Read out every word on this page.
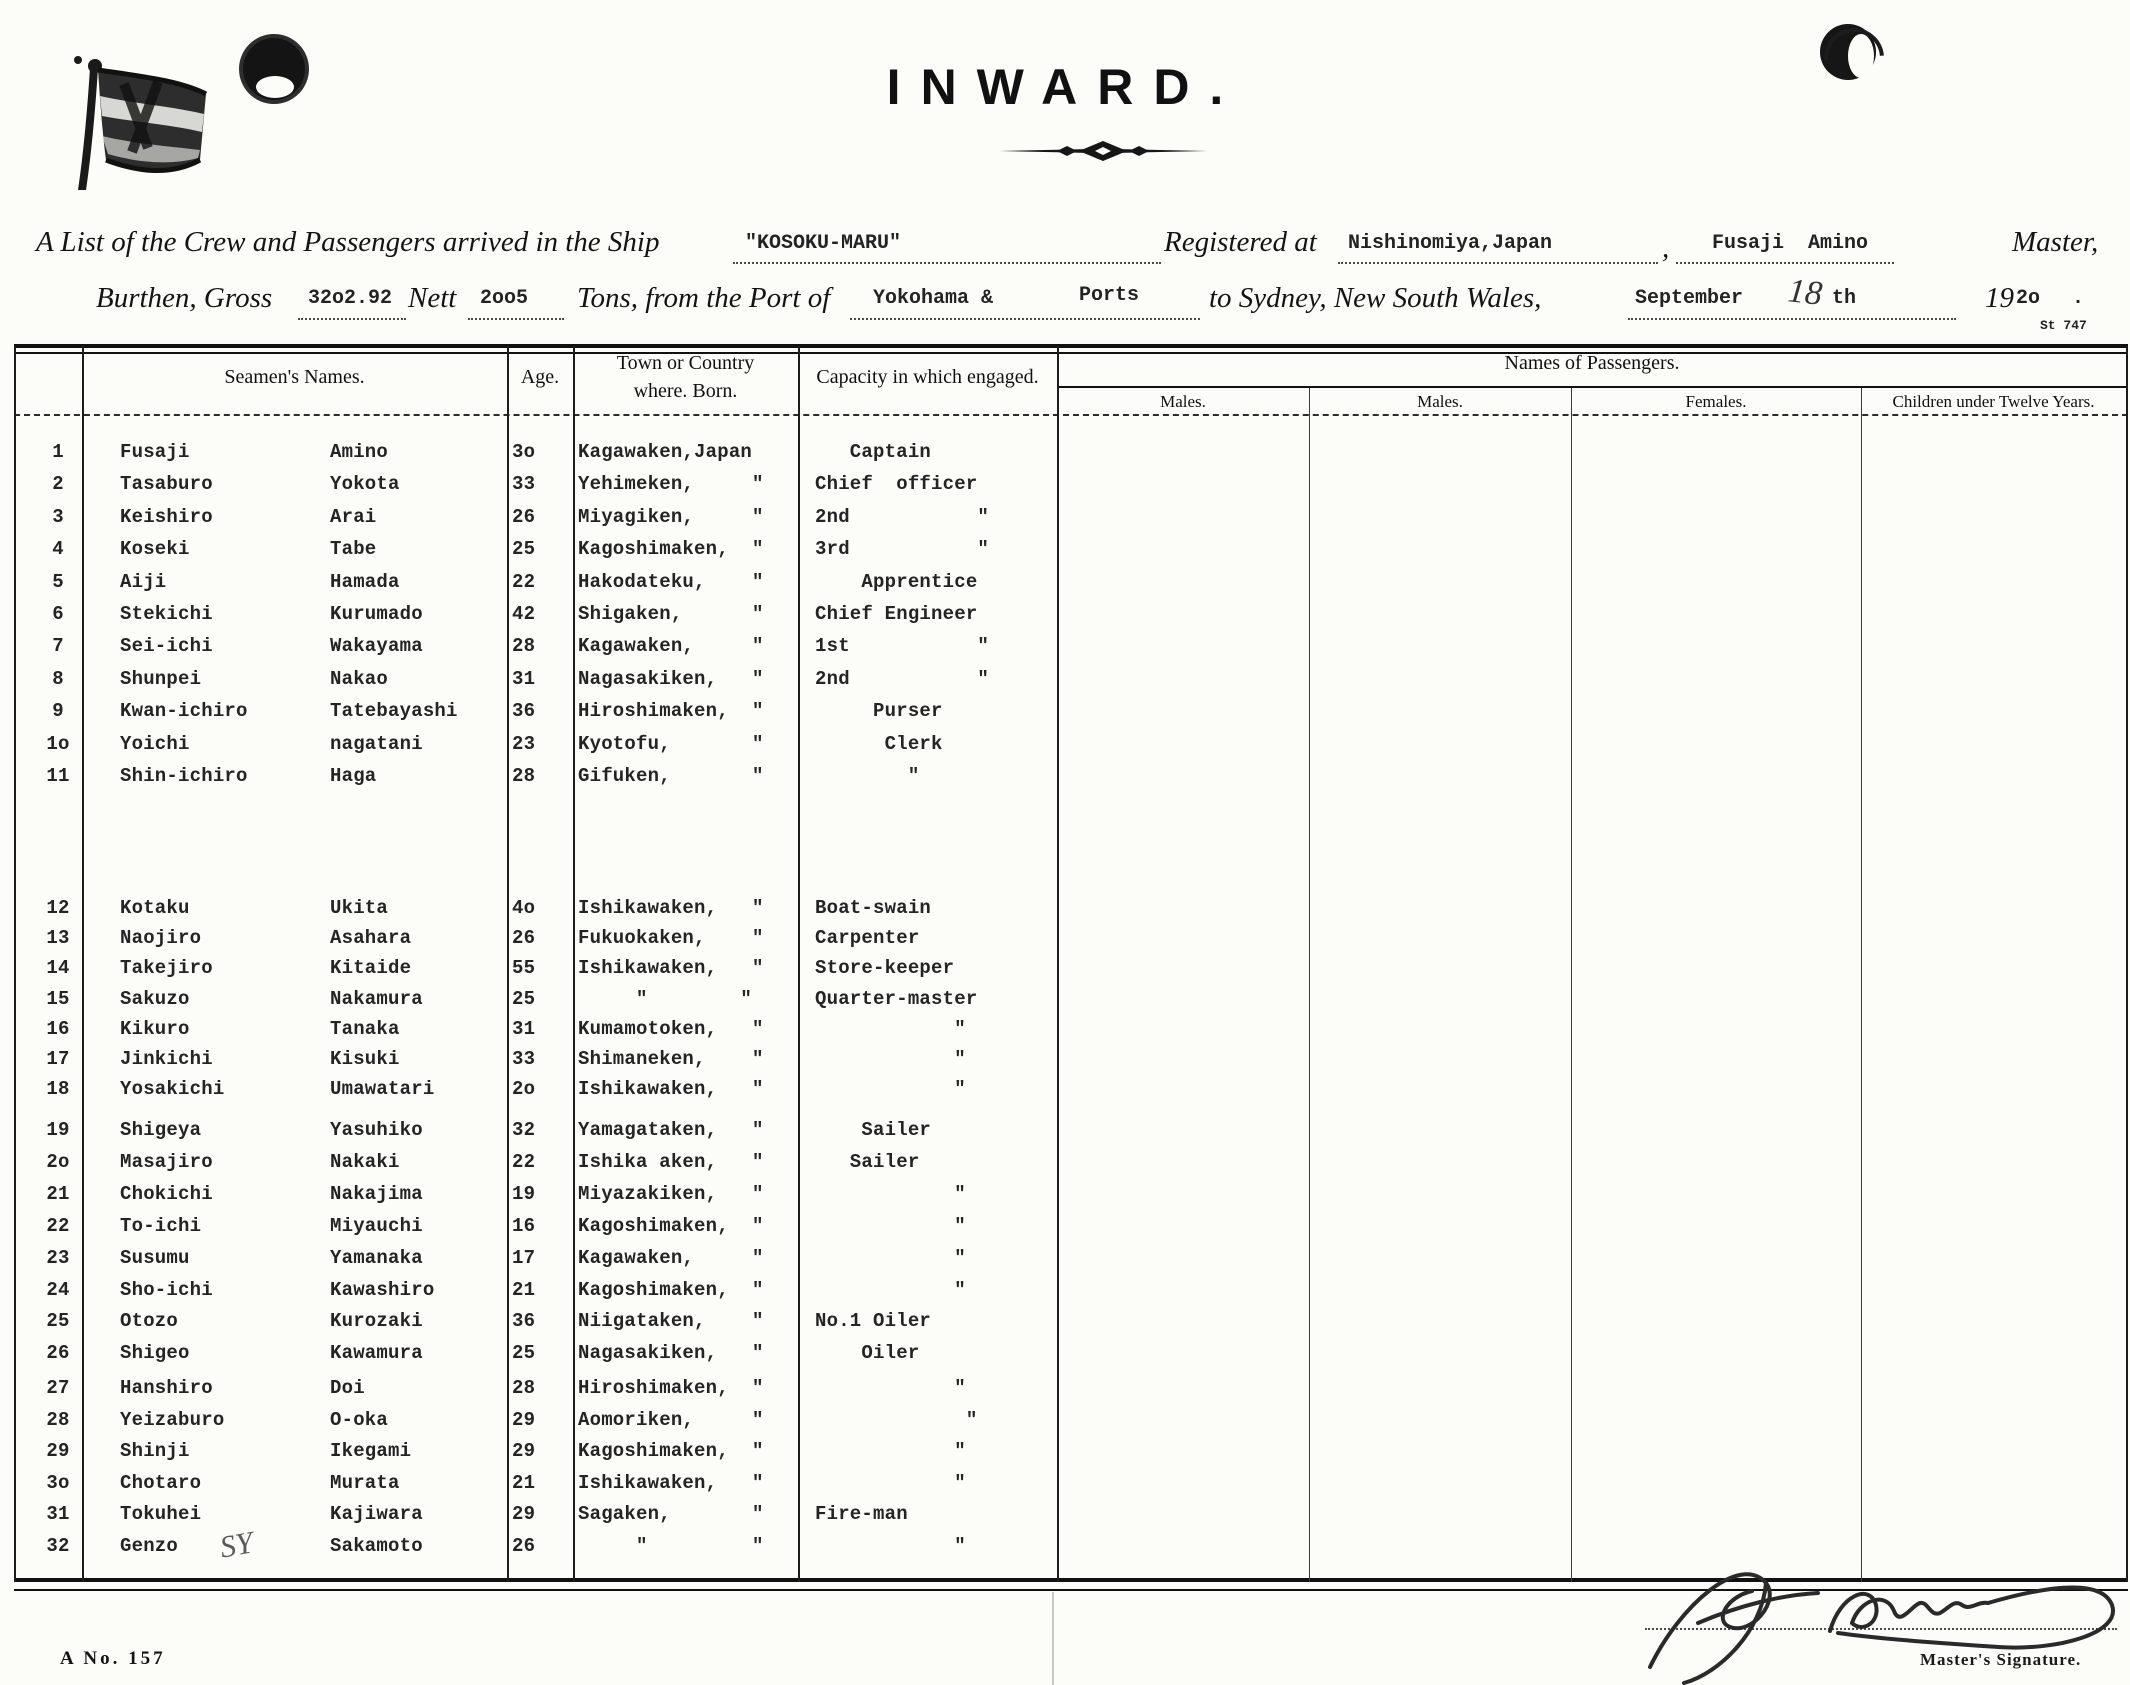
INWARD.
A List of the Crew and Passengers arrived in the Ship	"KOSOKU-MARU"	Registered at Nishinomiya,Japan	, Fusaji  Amino	Master,
Burthen, Gross 32o2.92 Nett 2oo5 Tons, from the Port of Yokohama &	Ports to Sydney, New South Wales,	September 18 th	19 2o .
St 747
Seamen's Names.	Age.
Town or Country
where. Born.
Capacity in which engaged.
Names of Passengers.
Males.	Males.	Females.	Children under Twelve Years.
1	Fusaji	Amino	3o Kagawaken,Japan	Captain
2	Tasaburo	Yokota	33 Yehimeken,     "	Chief  officer
3	Keishiro	Arai	26 Miyagiken,     "	2nd           "
4	Koseki	Tabe	25 Kagoshimaken,  "	3rd           "
5	Aiji	Hamada	22 Hakodateku,    "	Apprentice
6	Stekichi	Kurumado	42 Shigaken,      "	Chief Engineer
7	Sei-ichi	Wakayama	28 Kagawaken,     "	1st           "
8	Shunpei	Nakao	31 Nagasakiken,   "	2nd           "
9	Kwan-ichiro	Tatebayashi	36 Hiroshimaken,  "	Purser
1o	Yoichi	nagatani	23 Kyotofu,       "	Clerk
11	Shin-ichiro	Haga	28 Gifuken,       "	"
12	Kotaku	Ukita	4o Ishikawaken,   "	Boat-swain
13	Naojiro	Asahara	26 Fukuokaken,    "	Carpenter
14	Takejiro	Kitaide	55 Ishikawaken,   "	Store-keeper
15	Sakuzo	Nakamura	25 "        "	Quarter-master
16	Kikuro	Tanaka	31 Kumamotoken,   "	"
17	Jinkichi	Kisuki	33 Shimaneken,    "	"
18	Yosakichi	Umawatari	2o Ishikawaken,   "	"
19	Shigeya	Yasuhiko	32 Yamagataken,   "	Sailer
2o	Masajiro	Nakaki	22 Ishika aken,   "	Sailer
21	Chokichi	Nakajima	19 Miyazakiken,   "	"
22	To-ichi	Miyauchi	16 Kagoshimaken,  "	"
23	Susumu	Yamanaka	17 Kagawaken,     "	"
24	Sho-ichi	Kawashiro	21 Kagoshimaken,  "	"
25	Otozo	Kurozaki	36 Niigataken,    "	No.1 Oiler
26	Shigeo	Kawamura	25 Nagasakiken,   "	Oiler
27	Hanshiro	Doi	28 Hiroshimaken,  "	"
28	Yeizaburo	O-oka	29 Aomoriken,     "	"
29	Shinji	Ikegami	29 Kagoshimaken,  "	"
3o	Chotaro	Murata	21 Ishikawaken,   "	"
31	Tokuhei	Kajiwara	29 Sagaken,       "	Fire-man
32	Genzo	Sakamoto	26 "         "	"
SY
A No. 157	Master's Signature.
